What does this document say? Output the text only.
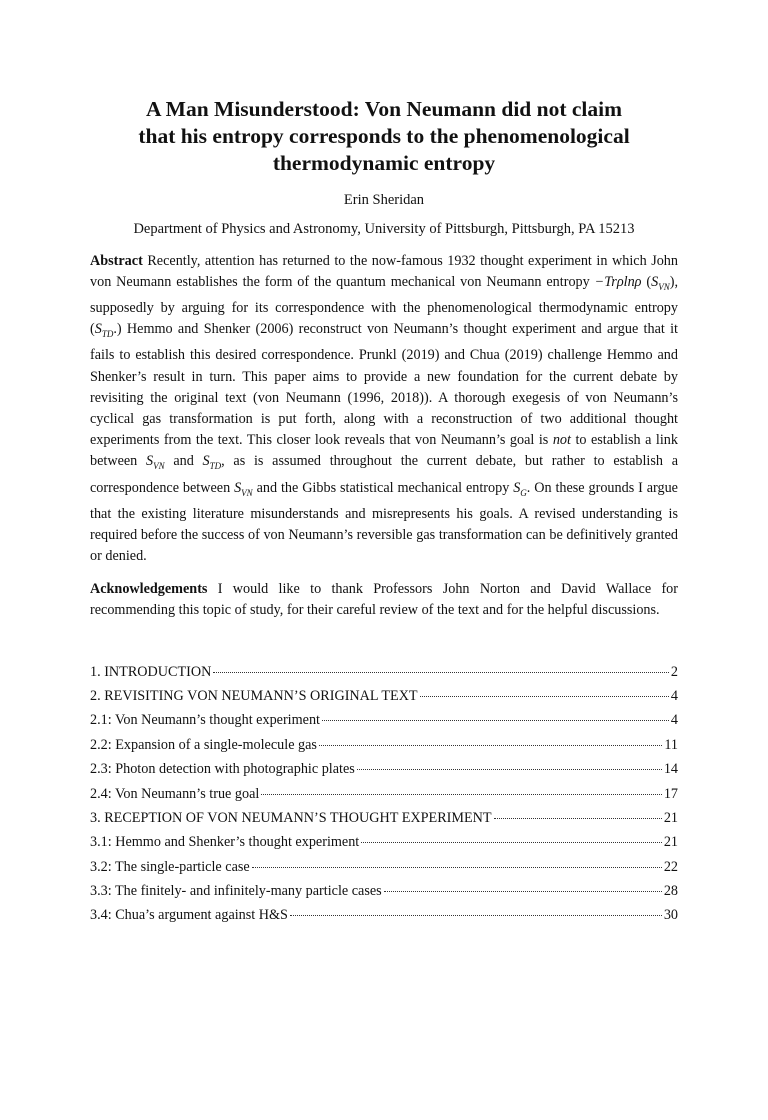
A Man Misunderstood: Von Neumann did not claim
that his entropy corresponds to the phenomenological
thermodynamic entropy
Erin Sheridan
Department of Physics and Astronomy, University of Pittsburgh, Pittsburgh, PA 15213

Abstract Recently, attention has returned to the now-famous 1932 thought experiment in which John von Neumann establishes the form of the quantum mechanical von Neumann entropy −Trρlnρ $(S_{VN})$, supposedly by arguing for its correspondence with the phenomenological thermodynamic entropy $(S_{TD}.)$ Hemmo and Shenker (2006) reconstruct von Neumann’s thought experiment and argue that it fails to establish this desired correspondence. Prunkl (2019) and Chua (2019) challenge Hemmo and Shenker’s result in turn. This paper aims to provide a new foundation for the current debate by revisiting the original text (von Neumann (1996, 2018)). A thorough exegesis of von Neumann’s cyclical gas transformation is put forth, along with a reconstruction of two additional thought experiments from the text. This closer look reveals that von Neumann’s goal is not to establish a link between $S_{VN}$ and $S_{TD}$, as is assumed throughout the current debate, but rather to establish a correspondence between $S_{VN}$ and the Gibbs statistical mechanical entropy $S_G$. On these grounds I argue that the existing literature misunderstands and misrepresents his goals. A revised understanding is required before the success of von Neumann’s reversible gas transformation can be definitively granted or denied.

Acknowledgements I would like to thank Professors John Norton and David Wallace for recommending this topic of study, for their careful review of the text and for the helpful discussions.

1. INTRODUCTION	2
2. REVISITING VON NEUMANN’S ORIGINAL TEXT	4
2.1: Von Neumann’s thought experiment	4
2.2: Expansion of a single-molecule gas	11
2.3: Photon detection with photographic plates	14
2.4: Von Neumann’s true goal	17
3. RECEPTION OF VON NEUMANN’S THOUGHT EXPERIMENT	21
3.1: Hemmo and Shenker’s thought experiment	21
3.2: The single-particle case	22
3.3: The finitely- and infinitely-many particle cases	28
3.4: Chua’s argument against H&S	30
